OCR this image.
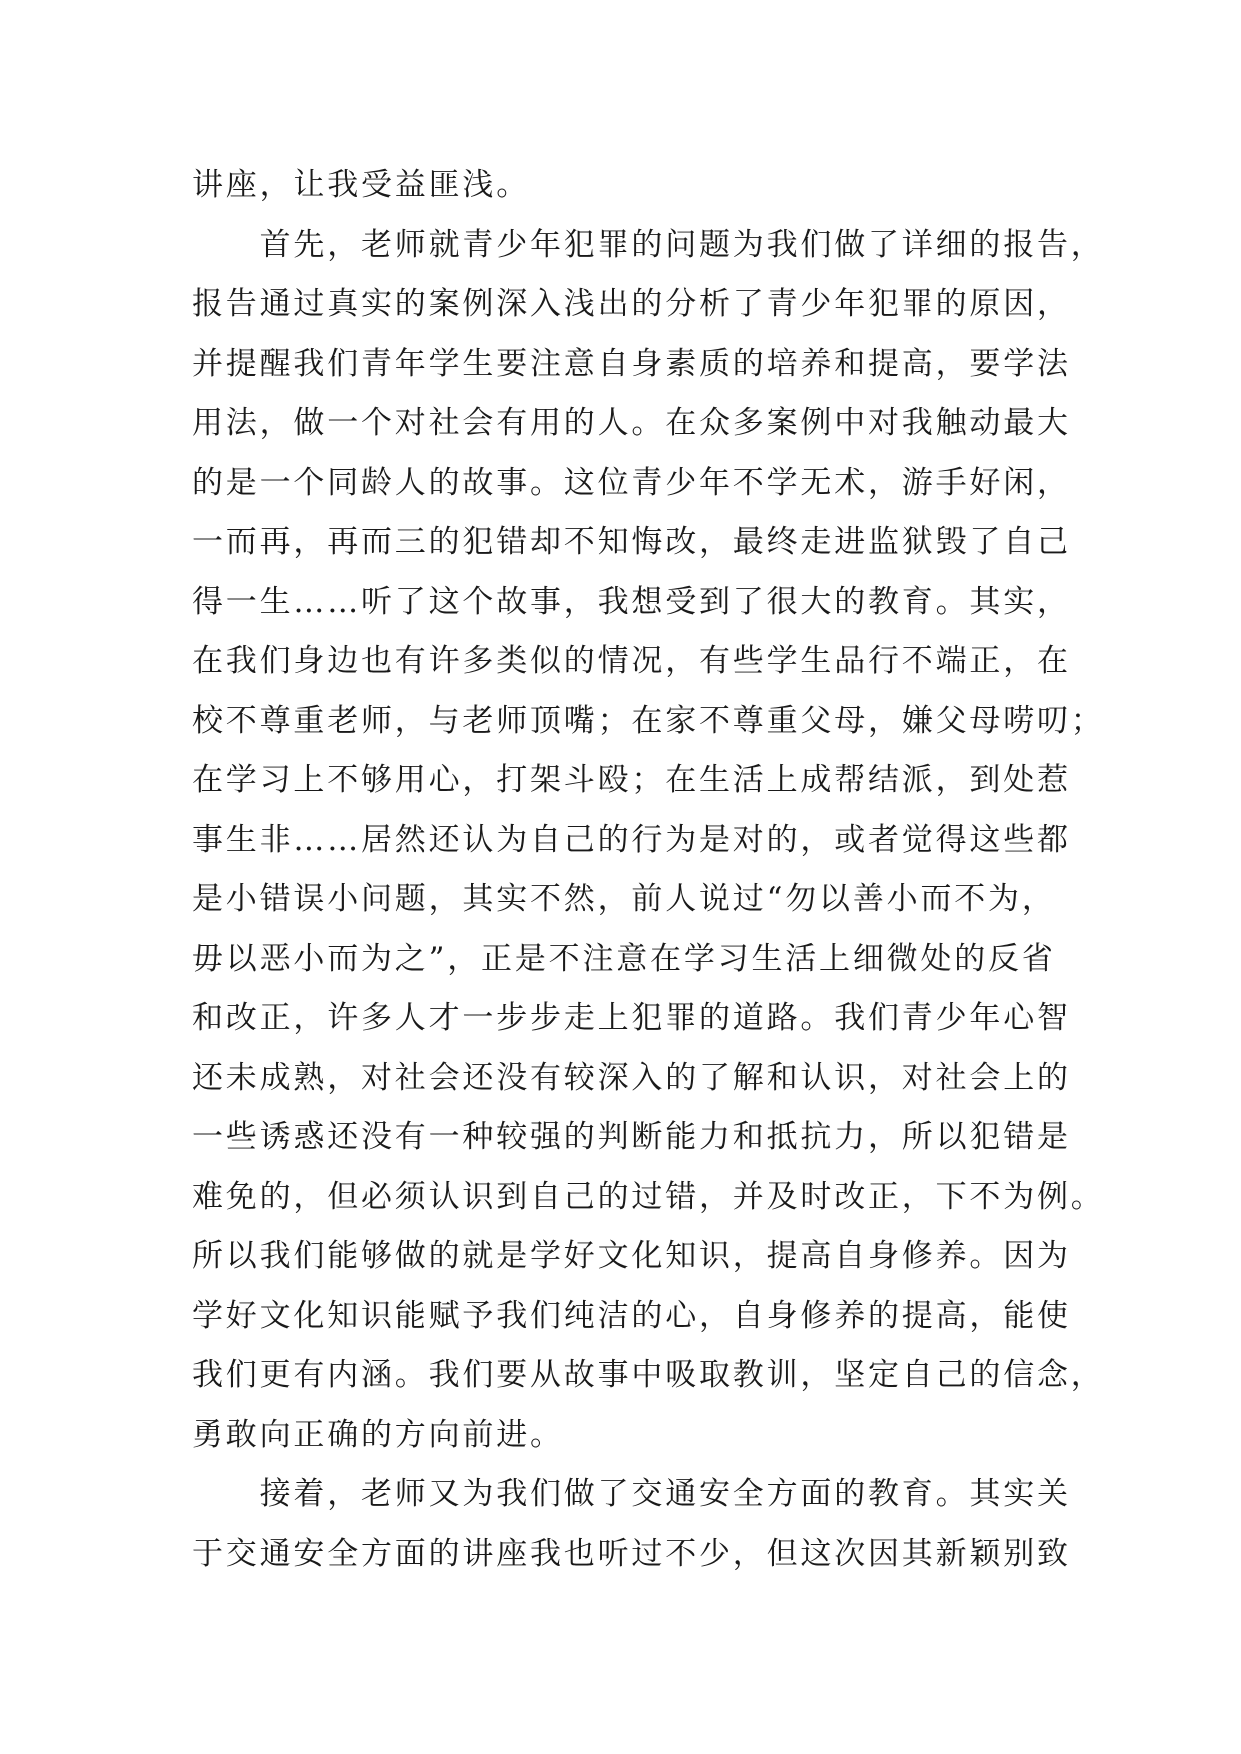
讲座，让我受益匪浅。
　　首先，老师就青少年犯罪的问题为我们做了详细的报告，
报告通过真实的案例深入浅出的分析了青少年犯罪的原因，
并提醒我们青年学生要注意自身素质的培养和提高，要学法
用法，做一个对社会有用的人。在众多案例中对我触动最大
的是一个同龄人的故事。这位青少年不学无术，游手好闲，
一而再，再而三的犯错却不知悔改，最终走进监狱毁了自己
得一生……听了这个故事，我想受到了很大的教育。其实，
在我们身边也有许多类似的情况，有些学生品行不端正，在
校不尊重老师，与老师顶嘴；在家不尊重父母，嫌父母唠叨；
在学习上不够用心，打架斗殴；在生活上成帮结派，到处惹
事生非……居然还认为自己的行为是对的，或者觉得这些都
是小错误小问题，其实不然，前人说过“勿以善小而不为，
毋以恶小而为之”，正是不注意在学习生活上细微处的反省
和改正，许多人才一步步走上犯罪的道路。我们青少年心智
还未成熟，对社会还没有较深入的了解和认识，对社会上的
一些诱惑还没有一种较强的判断能力和抵抗力，所以犯错是
难免的，但必须认识到自己的过错，并及时改正，下不为例。
所以我们能够做的就是学好文化知识，提高自身修养。因为
学好文化知识能赋予我们纯洁的心，自身修养的提高，能使
我们更有内涵。我们要从故事中吸取教训，坚定自己的信念，
勇敢向正确的方向前进。
　　接着，老师又为我们做了交通安全方面的教育。其实关
于交通安全方面的讲座我也听过不少，但这次因其新颖别致
